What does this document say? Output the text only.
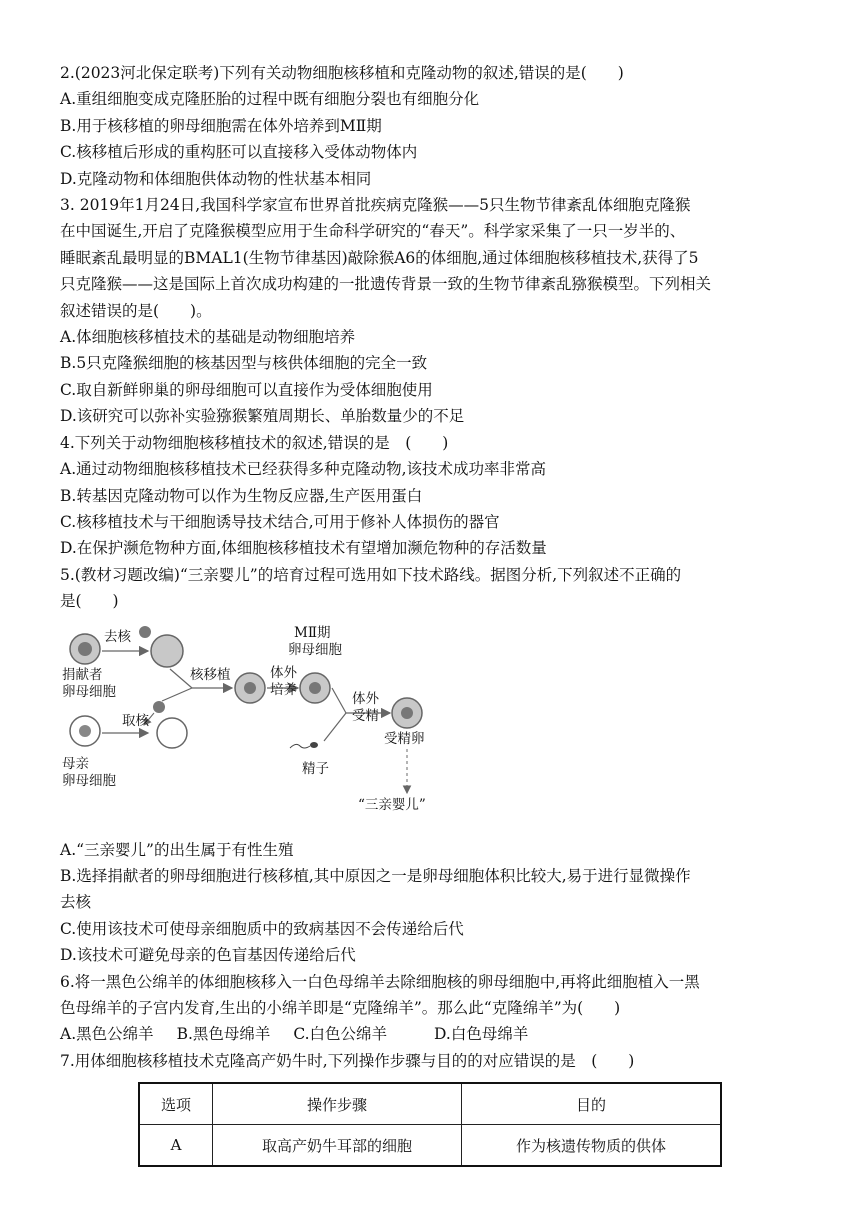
2.(2023河北保定联考)下列有关动物细胞核移植和克隆动物的叙述,错误的是(　　)
A.重组细胞变成克隆胚胎的过程中既有细胞分裂也有细胞分化
B.用于核移植的卵母细胞需在体外培养到MⅡ期
C.核移植后形成的重构胚可以直接移入受体动物体内
D.克隆动物和体细胞供体动物的性状基本相同
3. 2019年1月24日,我国科学家宣布世界首批疾病克隆猴——5只生物节律紊乱体细胞克隆猴
在中国诞生,开启了克隆猴模型应用于生命科学研究的“春天”。科学家采集了一只一岁半的、
睡眠紊乱最明显的BMAL1(生物节律基因)敲除猴A6的体细胞,通过体细胞核移植技术,获得了5
只克隆猴——这是国际上首次成功构建的一批遗传背景一致的生物节律紊乱猕猴模型。下列相关
叙述错误的是(　　)。
A.体细胞核移植技术的基础是动物细胞培养
B.5只克隆猴细胞的核基因型与核供体细胞的完全一致
C.取自新鲜卵巢的卵母细胞可以直接作为受体细胞使用
D.该研究可以弥补实验猕猴繁殖周期长、单胎数量少的不足
4.下列关于动物细胞核移植技术的叙述,错误的是　(　　)
A.通过动物细胞核移植技术已经获得多种克隆动物,该技术成功率非常高
B.转基因克隆动物可以作为生物反应器,生产医用蛋白
C.核移植技术与干细胞诱导技术结合,可用于修补人体损伤的器官
D.在保护濒危物种方面,体细胞核移植技术有望增加濒危物种的存活数量
5.(教材习题改编)“三亲婴儿”的培育过程可选用如下技术路线。据图分析,下列叙述不正确的
是(　　)
去核
捐献者
卵母细胞
核移植
MⅡ期
卵母细胞
体外
培养
体外
受精
受精卵
取核
母亲
卵母细胞
精子
“三亲婴儿”
A.“三亲婴儿”的出生属于有性生殖
B.选择捐献者的卵母细胞进行核移植,其中原因之一是卵母细胞体积比较大,易于进行显微操作
去核
C.使用该技术可使母亲细胞质中的致病基因不会传递给后代
D.该技术可避免母亲的色盲基因传递给后代
6.将一黑色公绵羊的体细胞核移入一白色母绵羊去除细胞核的卵母细胞中,再将此细胞植入一黑
色母绵羊的子宫内发育,生出的小绵羊即是“克隆绵羊”。那么此“克隆绵羊”为(　　)
A.黑色公绵羊 B.黑色母绵羊 C.白色公绵羊	D.白色母绵羊
7.用体细胞核移植技术克隆高产奶牛时,下列操作步骤与目的的对应错误的是　(　　)
选项	操作步骤	目的
A	取高产奶牛耳部的细胞	作为核遗传物质的供体
